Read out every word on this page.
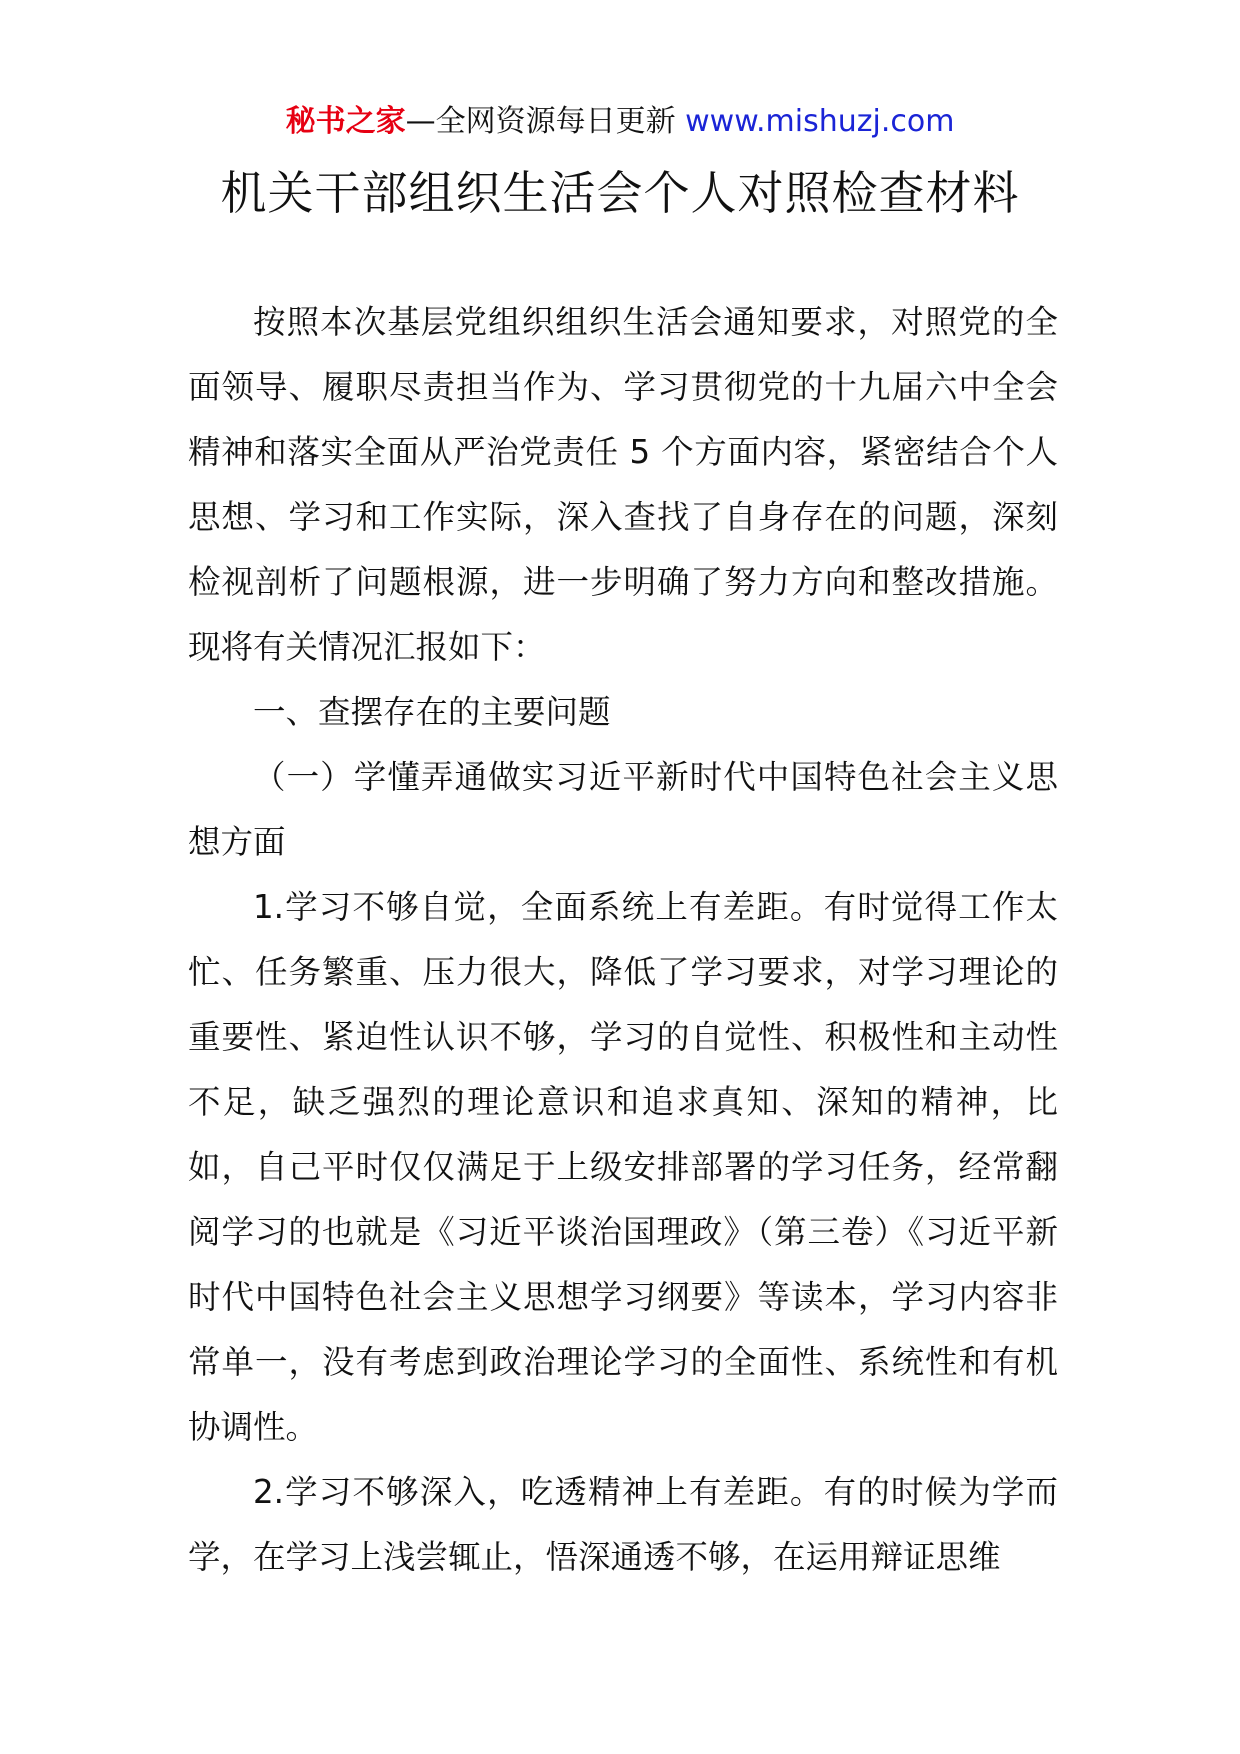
秘书之家—全网资源每日更新 www.mishuzj.com
机关干部组织生活会个人对照检查材料

按照本次基层党组织组织生活会通知要求，对照党的全面领导、履职尽责担当作为、学习贯彻党的十九届六中全会精神和落实全面从严治党责任 5 个方面内容，紧密结合个人思想、学习和工作实际，深入查找了自身存在的问题，深刻检视剖析了问题根源，进一步明确了努力方向和整改措施。现将有关情况汇报如下：

一、查摆存在的主要问题

（一）学懂弄通做实习近平新时代中国特色社会主义思想方面

1.学习不够自觉，全面系统上有差距。有时觉得工作太忙、任务繁重、压力很大，降低了学习要求，对学习理论的重要性、紧迫性认识不够，学习的自觉性、积极性和主动性不足，缺乏强烈的理论意识和追求真知、深知的精神，比如，自己平时仅仅满足于上级安排部署的学习任务，经常翻阅学习的也就是《习近平谈治国理政》（第三卷）《习近平新时代中国特色社会主义思想学习纲要》等读本，学习内容非常单一，没有考虑到政治理论学习的全面性、系统性和有机协调性。

2.学习不够深入，吃透精神上有差距。有的时候为学而学，在学习上浅尝辄止，悟深通透不够，在运用辩证思维
